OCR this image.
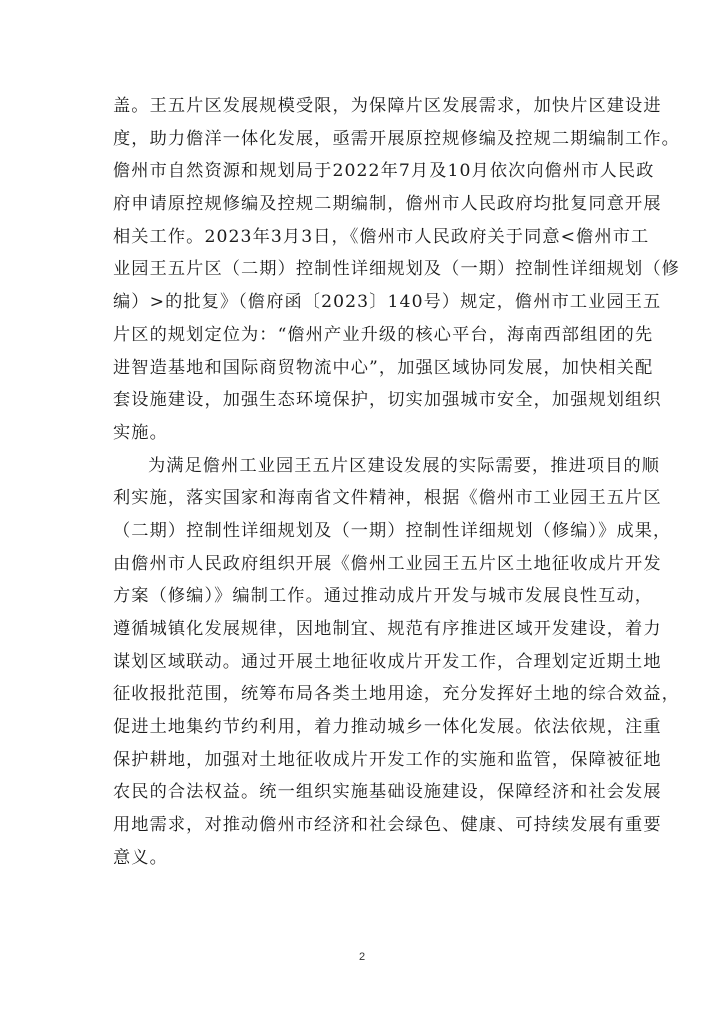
盖。王五片区发展规模受限，为保障片区发展需求，加快片区建设进
度，助力儋洋一体化发展，亟需开展原控规修编及控规二期编制工作。
儋州市自然资源和规划局于2022年7月及10月依次向儋州市人民政
府申请原控规修编及控规二期编制，儋州市人民政府均批复同意开展
相关工作。2023年3月3日，《儋州市人民政府关于同意<儋州市工
业园王五片区（二期）控制性详细规划及（一期）控制性详细规划（修
编）>的批复》（儋府函〔2023〕140号）规定，儋州市工业园王五
片区的规划定位为：“儋州产业升级的核心平台，海南西部组团的先
进智造基地和国际商贸物流中心”，加强区域协同发展，加快相关配
套设施建设，加强生态环境保护，切实加强城市安全，加强规划组织
实施。
为满足儋州工业园王五片区建设发展的实际需要，推进项目的顺
利实施，落实国家和海南省文件精神，根据《儋州市工业园王五片区
（二期）控制性详细规划及（一期）控制性详细规划（修编）》成果，
由儋州市人民政府组织开展《儋州工业园王五片区土地征收成片开发
方案（修编）》编制工作。通过推动成片开发与城市发展良性互动，
遵循城镇化发展规律，因地制宜、规范有序推进区域开发建设，着力
谋划区域联动。通过开展土地征收成片开发工作，合理划定近期土地
征收报批范围，统筹布局各类土地用途，充分发挥好土地的综合效益，
促进土地集约节约利用，着力推动城乡一体化发展。依法依规，注重
保护耕地，加强对土地征收成片开发工作的实施和监管，保障被征地
农民的合法权益。统一组织实施基础设施建设，保障经济和社会发展
用地需求，对推动儋州市经济和社会绿色、健康、可持续发展有重要
意义。
2
